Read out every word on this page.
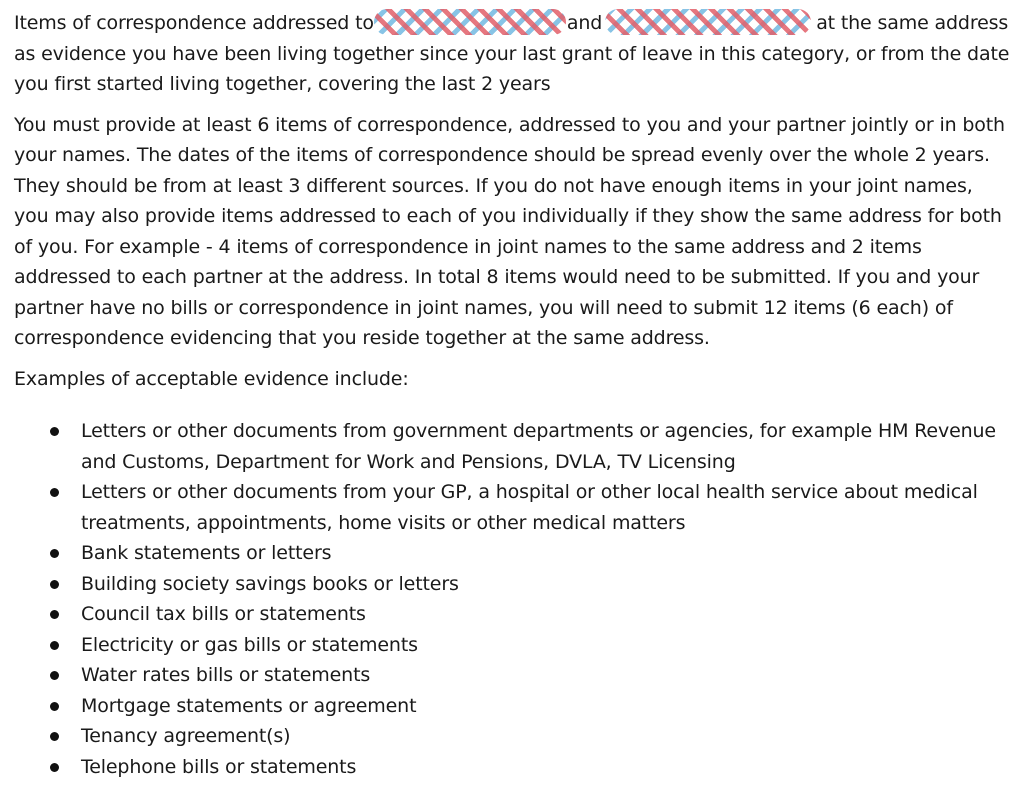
Items of correspondence addressed to	and	at the same address as evidence you have been living together since your last grant of leave in this category, or from the date you first started living together, covering the last 2 years

You must provide at least 6 items of correspondence, addressed to you and your partner jointly or in both your names. The dates of the items of correspondence should be spread evenly over the whole 2 years. They should be from at least 3 different sources. If you do not have enough items in your joint names, you may also provide items addressed to each of you individually if they show the same address for both of you. For example - 4 items of correspondence in joint names to the same address and 2 items addressed to each partner at the address. In total 8 items would need to be submitted. If you and your partner have no bills or correspondence in joint names, you will need to submit 12 items (6 each) of correspondence evidencing that you reside together at the same address.

Examples of acceptable evidence include:

Letters or other documents from government departments or agencies, for example HM Revenue and Customs, Department for Work and Pensions, DVLA, TV Licensing
Letters or other documents from your GP, a hospital or other local health service about medical treatments, appointments, home visits or other medical matters
Bank statements or letters
Building society savings books or letters
Council tax bills or statements
Electricity or gas bills or statements
Water rates bills or statements
Mortgage statements or agreement
Tenancy agreement(s)
Telephone bills or statements
